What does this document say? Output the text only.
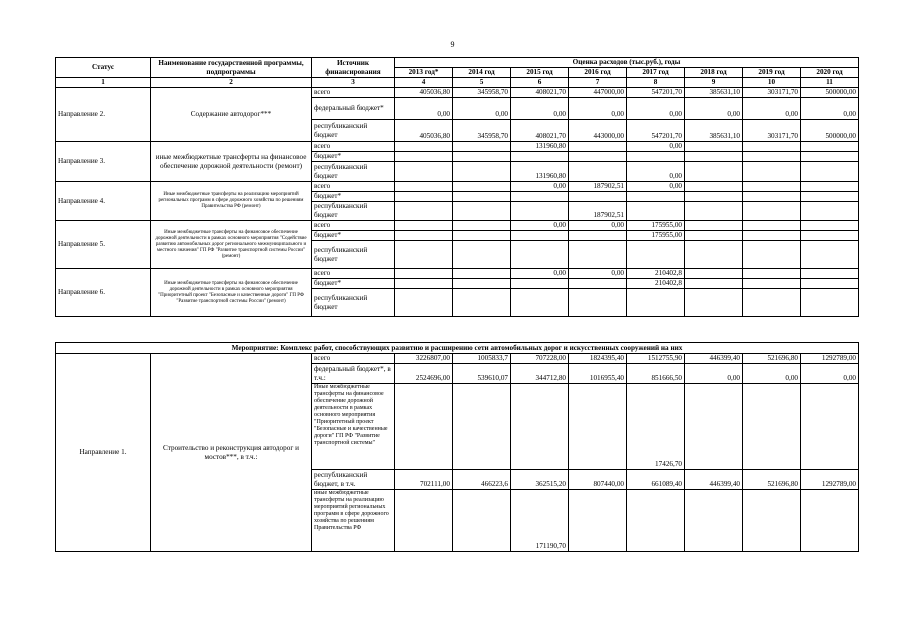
9
Статус	Наименование государственной программы, подпрограммы	Источник финансирования	Оценка расходов (тыс.руб.), годы							
			2013 год*	2014 год	2015 год	2016 год	2017 год	2018 год	2019 год	2020 год
1	2	3	4	5	6	7	8	9	10	11
Направление 2.	Содержание автодорог***	всего	405036,80	345958,70	408021,70	447000,00	547201,70	385631,10	303171,70	500000,00
		федеральный бюджет*	0,00	0,00	0,00	0,00	0,00	0,00	0,00	0,00
		республиканский бюджет	405036,80	345958,70	408021,70	443000,00	547201,70	385631,10	303171,70	500000,00
Направление 3.	иные межбюджетные трансферты на финансовое обеспечение дорожной деятельности (ремонт)	всего			131960,80		0,00			
		бюджет*								
		республиканский бюджет			131960,80		0,00			
Направление 4.	Иные межбюджетные трансферты на реализацию мероприятий региональных программ в сфере дорожного хозяйства по решениям Правительства РФ (ремонт)	всего			0,00	187902,51	0,00			
		бюджет*								
		республиканский бюджет				187902,51				
Направление 5.	Иные межбюджетные трансферты на финансовое обеспечение дорожной деятельности в рамках основного мероприятия "Содействие развитию автомобильных дорог регионального межмуниципального и местного значения" ГП РФ "Развитие транспортной системы России" (ремонт)	всего			0,00	0,00	175955,00			
		бюджет*					175955,00			
		республиканский бюджет								
Направление 6.	Иные межбюджетные трансферты на финансовое обеспечение дорожной деятельности в рамках основного мероприятия "Приоритетный проект "Безопасные и качественные дороги" ГП РФ "Развитие транспортной системы России" (ремонт)	всего			0,00	0,00	210402,8			
		бюджет*					210402,8			
		республиканский бюджет								
Мероприятие: Комплекс работ, способствующих развитию и расширению сети автомобильных дорог и искусственных сооружений на них										
Направление 1.	Строительство и реконструкция автодорог и мостов***, в т.ч.:	всего	3226807,00	1005833,7	707228,00	1824395,40	1512755,90	446399,40	521696,80	1292789,00
		федеральный бюджет*, в т.ч.:	2524696,00	539610,07	344712,80	1016955,40	851666,50	0,00	0,00	0,00
		Иные межбюджетные трансферты на финансовое обеспечение дорожной деятельности в рамках основного мероприятия "Приоритетный проект "Безопасные и качественные дороги" ГП РФ "Развитие транспортной системы"					17426,70			
		республиканский бюджет, в т.ч.	702111,00	466223,6	362515,20	807440,00	661089,40	446399,40	521696,80	1292789,00
		иные межбюджетные трансферты на реализацию мероприятий региональных программ в сфере дорожного хозяйства по решениям Правительства РФ			171190,70					
